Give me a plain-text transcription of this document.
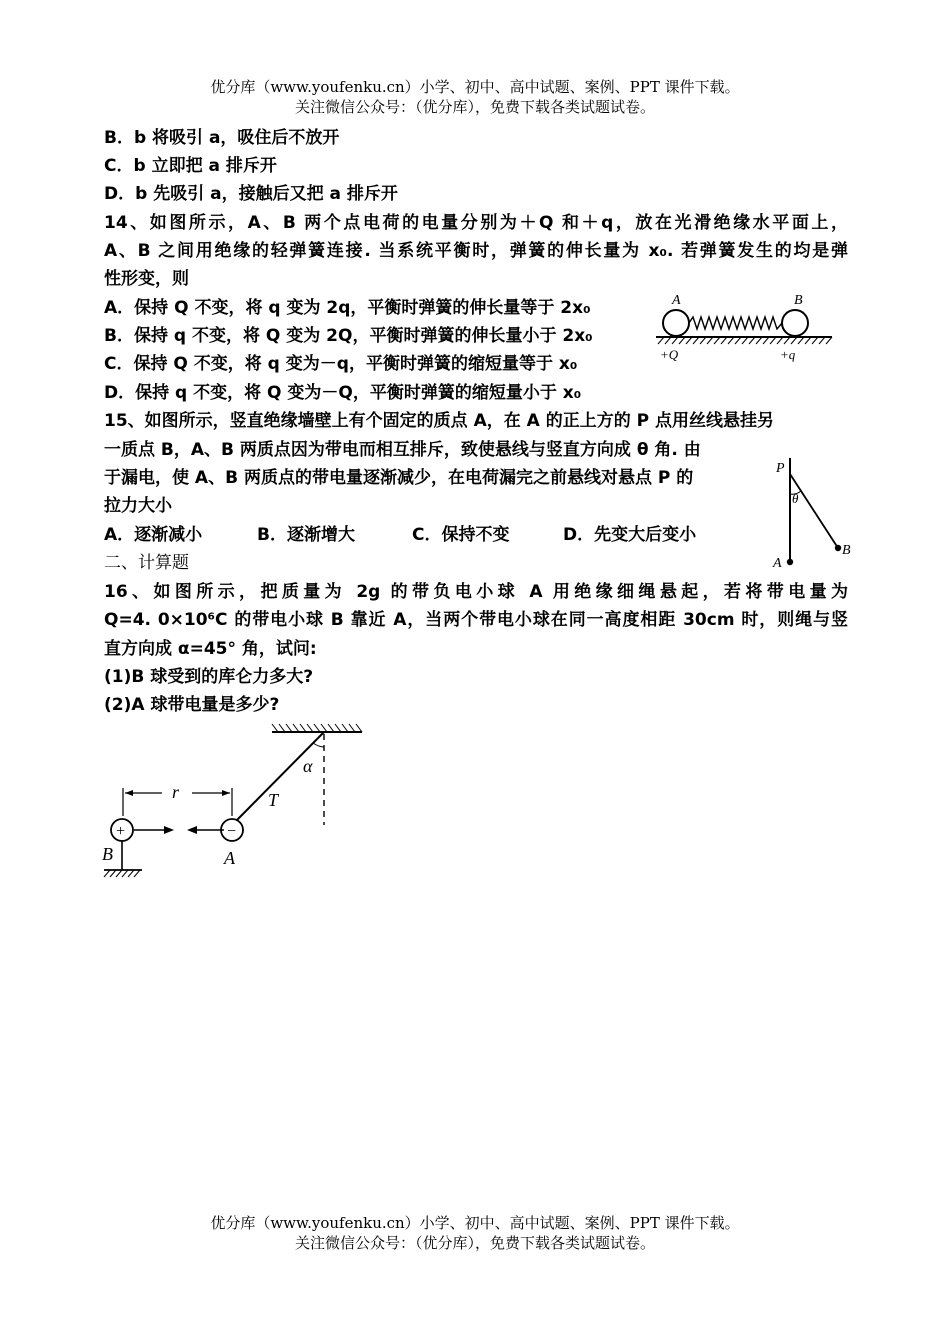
优分库（www.youfenku.cn）小学、初中、高中试题、案例、PPT 课件下载。
关注微信公众号：（优分库），免费下载各类试题试卷。
B．b 将吸引 a，吸住后不放开
C．b 立即把 a 排斥开
D．b 先吸引 a，接触后又把 a 排斥开
14、如图所示，A、B 两个点电荷的电量分别为＋Q 和＋q，放在光滑绝缘水平面上，
A、B 之间用绝缘的轻弹簧连接. 当系统平衡时，弹簧的伸长量为 x₀. 若弹簧发生的均是弹
性形变，则
A．保持 Q 不变，将 q 变为 2q，平衡时弹簧的伸长量等于 2x₀
B．保持 q 不变，将 Q 变为 2Q，平衡时弹簧的伸长量小于 2x₀
C．保持 Q 不变，将 q 变为－q，平衡时弹簧的缩短量等于 x₀
D．保持 q 不变，将 Q 变为－Q，平衡时弹簧的缩短量小于 x₀
A	B
+Q	+q
15、如图所示，竖直绝缘墙壁上有个固定的质点 A，在 A 的正上方的 P 点用丝线悬挂另
一质点 B，A、B 两质点因为带电而相互排斥，致使悬线与竖直方向成 θ 角. 由
于漏电，使 A、B 两质点的带电量逐渐减少，在电荷漏完之前悬线对悬点 P 的
拉力大小
A．逐渐减小	B．逐渐增大	C．保持不变	D．先变大后变小
P
θ
B
A
二、计算题
16、如图所示，把质量为 2g 的带负电小球 A 用绝缘细绳悬起，若将带电量为
Q=4. 0×10⁶C 的带电小球 B 靠近 A，当两个带电小球在同一高度相距 30cm 时，则绳与竖
直方向成 α=45° 角，试问:
(1)B 球受到的库仑力多大?
(2)A 球带电量是多少?
α
T
r
+
B
−
A
优分库（www.youfenku.cn）小学、初中、高中试题、案例、PPT 课件下载。
关注微信公众号：（优分库），免费下载各类试题试卷。
